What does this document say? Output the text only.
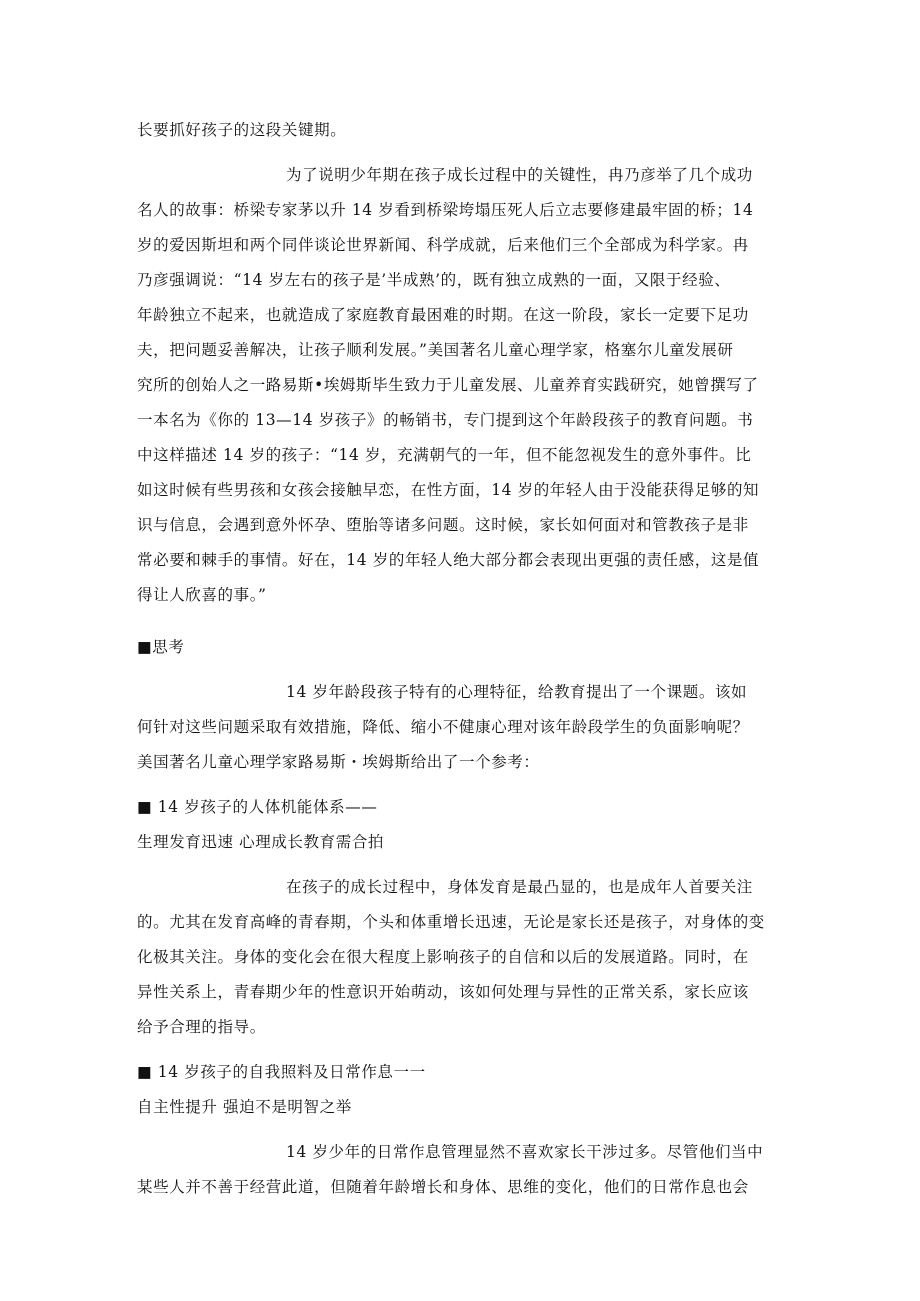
长要抓好孩子的这段关键期。
为了说明少年期在孩子成长过程中的关键性，冉乃彦举了几个成功
名人的故事：桥梁专家茅以升 14 岁看到桥梁垮塌压死人后立志要修建最牢固的桥；14
岁的爱因斯坦和两个同伴谈论世界新闻、科学成就，后来他们三个全部成为科学家。冉
乃彦强调说：“14 岁左右的孩子是’半成熟’的，既有独立成熟的一面，又限于经验、
年龄独立不起来，也就造成了家庭教育最困难的时期。在这一阶段，家长一定要下足功
夫，把问题妥善解决，让孩子顺利发展。”美国著名儿童心理学家，格塞尔儿童发展研
究所的创始人之一路易斯•埃姆斯毕生致力于儿童发展、儿童养育实践研究，她曾撰写了
一本名为《你的 13—14 岁孩子》的畅销书，专门提到这个年龄段孩子的教育问题。书
中这样描述 14 岁的孩子：“14 岁，充满朝气的一年，但不能忽视发生的意外事件。比
如这时候有些男孩和女孩会接触早恋，在性方面，14 岁的年轻人由于没能获得足够的知
识与信息，会遇到意外怀孕、堕胎等诸多问题。这时候，家长如何面对和管教孩子是非
常必要和棘手的事情。好在，14 岁的年轻人绝大部分都会表现出更强的责任感，这是值
得让人欣喜的事。”
■思考
14 岁年龄段孩子特有的心理特征，给教育提出了一个课题。该如
何针对这些问题采取有效措施，降低、缩小不健康心理对该年龄段学生的负面影响呢？
美国著名儿童心理学家路易斯・埃姆斯给出了一个参考：
■ 14 岁孩子的人体机能体系——
生理发育迅速 心理成长教育需合拍
在孩子的成长过程中，身体发育是最凸显的，也是成年人首要关注
的。尤其在发育高峰的青春期，个头和体重增长迅速，无论是家长还是孩子，对身体的变
化极其关注。身体的变化会在很大程度上影响孩子的自信和以后的发展道路。同时，在
异性关系上，青春期少年的性意识开始萌动，该如何处理与异性的正常关系，家长应该
给予合理的指导。
■ 14 岁孩子的自我照料及日常作息一一
自主性提升 强迫不是明智之举
14 岁少年的日常作息管理显然不喜欢家长干涉过多。尽管他们当中
某些人并不善于经营此道，但随着年龄增长和身体、思维的变化，他们的日常作息也会
